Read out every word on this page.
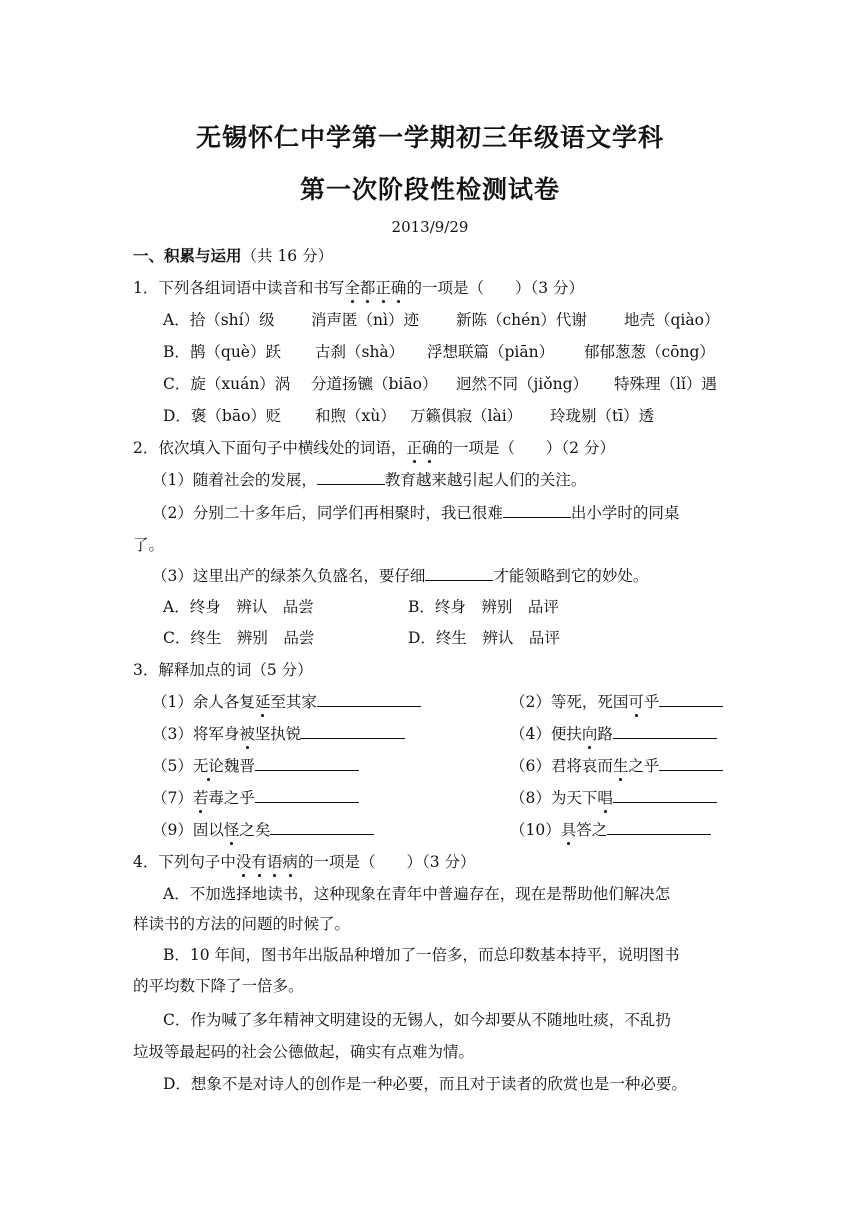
无锡怀仁中学第一学期初三年级语文学科
第一次阶段性检测试卷
2013/9/29
一、积累与运用（共 16 分）
1．下列各组词语中读音和书写全都正确的一项是（　　）（3 分）
A．拾（shí）级 消声匿（nì）迹 新陈（chén）代谢 地壳（qiào）
B．鹊（què）跃 古刹（shà） 浮想联篇（piān） 郁郁葱葱（cōng）
C．旋（xuán）涡 分道扬镳（biāo） 迥然不同（jiǒng） 特殊理（lǐ）遇
D．褒（bāo）贬 和煦（xù） 万籁俱寂（lài） 玲珑剔（tī）透
2．依次填入下面句子中横线处的词语，正确的一项是（　　）（2 分）
（1）随着社会的发展，	教育越来越引起人们的关注。
（2）分别二十多年后，同学们再相聚时，我已很难	出小学时的同桌
了。
（3）这里出产的绿茶久负盛名，要仔细	才能领略到它的妙处。
A．终身　辨认　品尝	B．终身　辨别　品评
C．终生　辨别　品尝	D．终生　辨认　品评
3．解释加点的词（5 分）
（1）余人各复延至其家	（2）等死，死国可乎
（3）将军身被坚执锐	（4）便扶向路
（5）无论魏晋	（6）君将哀而生之乎
（7）若毒之乎	（8）为天下唱
（9）固以怪之矣	（10）具答之
4．下列句子中没有语病的一项是（　　）（3 分）
A．不加选择地读书，这种现象在青年中普遍存在，现在是帮助他们解决怎
样读书的方法的问题的时候了。
B．10 年间，图书年出版品种增加了一倍多，而总印数基本持平，说明图书
的平均数下降了一倍多。
C．作为喊了多年精神文明建设的无锡人，如今却要从不随地吐痰，不乱扔
垃圾等最起码的社会公德做起，确实有点难为情。
D．想象不是对诗人的创作是一种必要，而且对于读者的欣赏也是一种必要。
